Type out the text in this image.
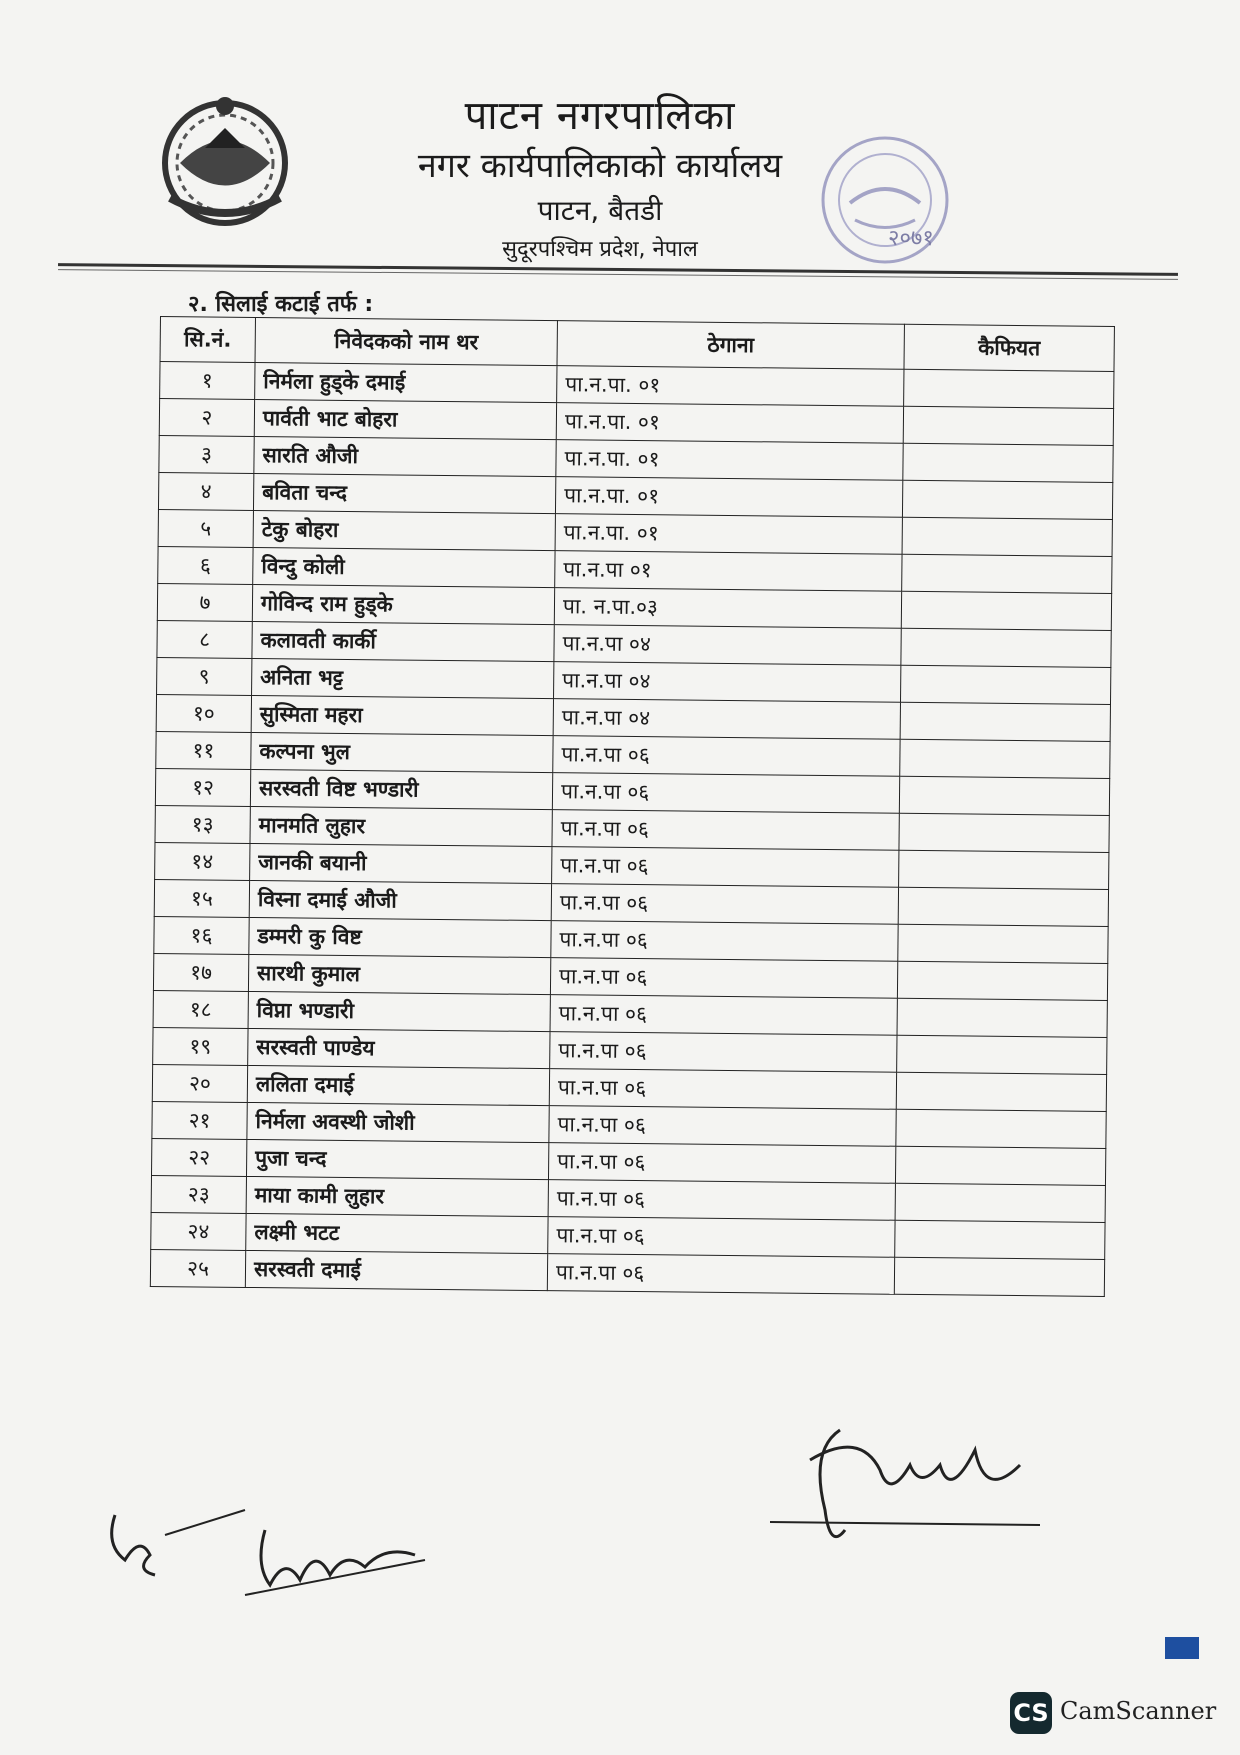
पाटन नगरपालिका
नगर कार्यपालिकाको कार्यालय
पाटन, बैतडी
सुदूरपश्चिम प्रदेश, नेपाल	२०७१
२. सिलाई कटाई तर्फ :
सि.नं.	निवेदकको नाम थर	ठेगाना	कैफियत
१	निर्मला हुड्के दमाई	पा.न.पा. ०१	
२	पार्वती भाट बोहरा	पा.न.पा. ०१	
३	सारति औजी	पा.न.पा. ०१	
४	बविता चन्द	पा.न.पा. ०१	
५	टेकु बोहरा	पा.न.पा. ०१	
६	विन्दु कोली	पा.न.पा ०१	
७	गोविन्द राम हुड्के	पा. न.पा.०३	
८	कलावती कार्की	पा.न.पा ०४	
९	अनिता भट्ट	पा.न.पा ०४	
१०	सुस्मिता महरा	पा.न.पा ०४	
११	कल्पना भुल	पा.न.पा ०६	
१२	सरस्वती विष्ट भण्डारी	पा.न.पा ०६	
१३	मानमति लुहार	पा.न.पा ०६	
१४	जानकी बयानी	पा.न.पा ०६	
१५	विस्ना दमाई औजी	पा.न.पा ०६	
१६	डम्मरी कु विष्ट	पा.न.पा ०६	
१७	सारथी कुमाल	पा.न.पा ०६	
१८	विप्ना भण्डारी	पा.न.पा ०६	
१९	सरस्वती पाण्डेय	पा.न.पा ०६	
२०	ललिता दमाई	पा.न.पा ०६	
२१	निर्मला अवस्थी जोशी	पा.न.पा ०६	
२२	पुजा चन्द	पा.न.पा ०६	
२३	माया कामी लुहार	पा.न.पा ०६	
२४	लक्ष्मी भटट	पा.न.पा ०६	
२५	सरस्वती दमाई	पा.न.पा ०६	
CS CamScanner
